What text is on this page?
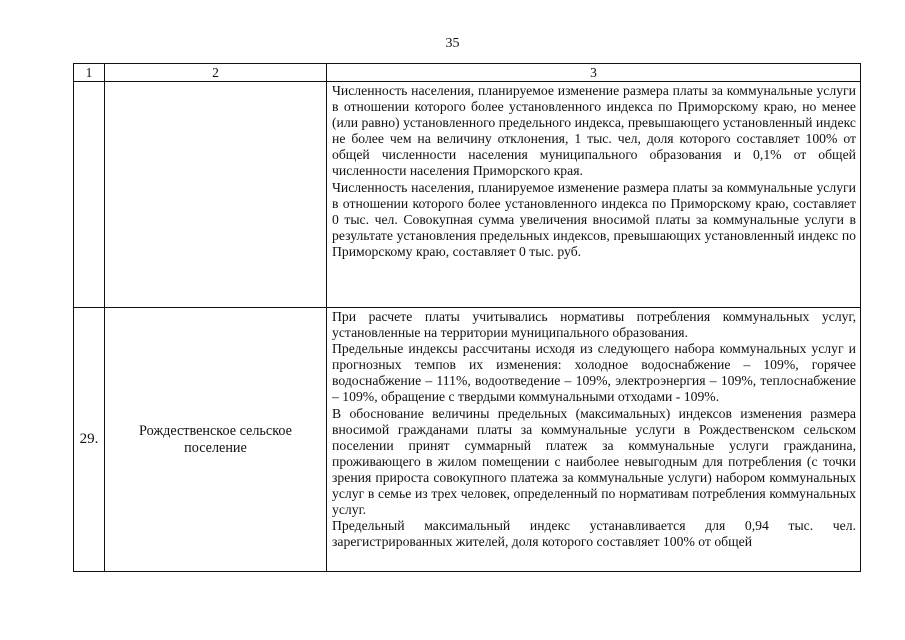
35
1	2	3

		Численность населения, планируемое изменение размера платы за коммунальные услуги в отношении которого более установленного индекса по Приморскому краю, но менее (или равно) установленного предельного индекса, превышающего установленный индекс не более чем на величину отклонения, 1 тыс. чел, доля которого составляет 100% от общей численности населения муниципального образования и 0,1% от общей численности населения Приморского края.

Численность населения, планируемое изменение размера платы за коммунальные услуги в отношении которого более установленного индекса по Приморскому краю, составляет 0 тыс. чел. Совокупная сумма увеличения вносимой платы за коммунальные услуги в результате установления предельных индексов, превышающих установленный индекс по Приморскому краю, составляет 0 тыс. руб.

29.	Рождественское сельское поселение	При расчете платы учитывались нормативы потребления коммунальных услуг, установленные на территории муниципального образования.

Предельные индексы рассчитаны исходя из следующего набора коммунальных услуг и прогнозных темпов их изменения: холодное водоснабжение – 109%, горячее водоснабжение – 111%, водоотведение – 109%, электроэнергия – 109%, теплоснабжение – 109%, обращение с твердыми коммунальными отходами - 109%.

В обоснование величины предельных (максимальных) индексов изменения размера вносимой гражданами платы за коммунальные услуги в Рождественском сельском поселении принят суммарный платеж за коммунальные услуги гражданина, проживающего в жилом помещении с наиболее невыгодным для потребления (с точки зрения прироста совокупного платежа за коммунальные услуги) набором коммунальных услуг в семье из трех человек, определенный по нормативам потребления коммунальных услуг.

Предельный максимальный индекс устанавливается для 0,94 тыс. чел. зарегистрированных жителей, доля которого составляет 100% от общей
